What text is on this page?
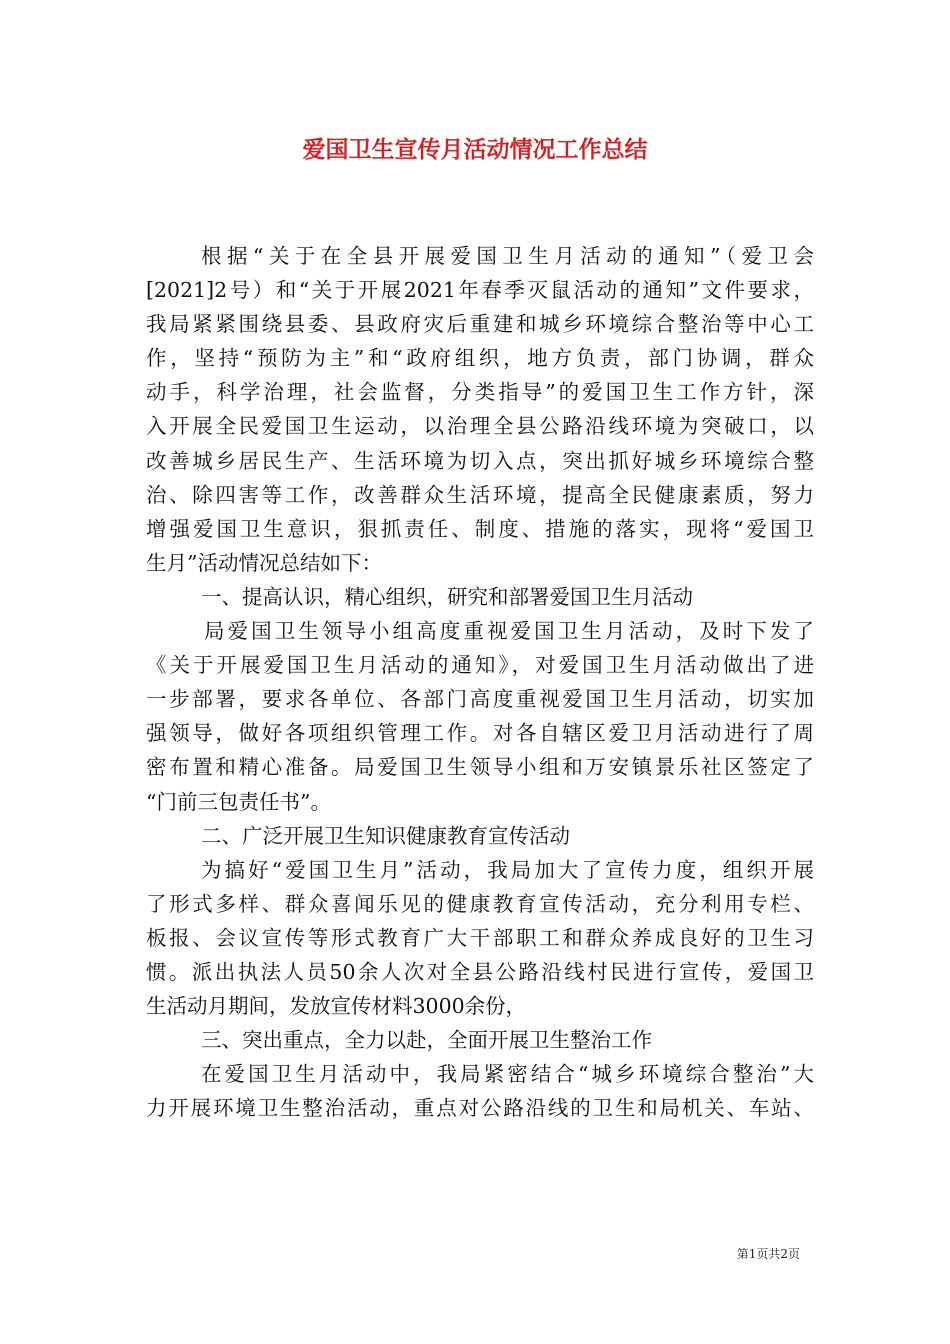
爱国卫生宣传月活动情况工作总结
根据“关于在全县开展爱国卫生月活动的通知”（爱卫会
[2021]2号）和“关于开展2021年春季灭鼠活动的通知”文件要求，
我局紧紧围绕县委、县政府灾后重建和城乡环境综合整治等中心工
作，坚持“预防为主”和“政府组织，地方负责，部门协调，群众
动手，科学治理，社会监督，分类指导”的爱国卫生工作方针，深
入开展全民爱国卫生运动，以治理全县公路沿线环境为突破口，以
改善城乡居民生产、生活环境为切入点，突出抓好城乡环境综合整
治、除四害等工作，改善群众生活环境，提高全民健康素质，努力
增强爱国卫生意识，狠抓责任、制度、措施的落实，现将“爱国卫
生月”活动情况总结如下：
一、提高认识，精心组织，研究和部署爱国卫生月活动
局爱国卫生领导小组高度重视爱国卫生月活动，及时下发了
《关于开展爱国卫生月活动的通知》，对爱国卫生月活动做出了进
一步部署，要求各单位、各部门高度重视爱国卫生月活动，切实加
强领导，做好各项组织管理工作。对各自辖区爱卫月活动进行了周
密布置和精心准备。局爱国卫生领导小组和万安镇景乐社区签定了
“门前三包责任书”。
二、广泛开展卫生知识健康教育宣传活动
为搞好“爱国卫生月”活动，我局加大了宣传力度，组织开展
了形式多样、群众喜闻乐见的健康教育宣传活动，充分利用专栏、
板报、会议宣传等形式教育广大干部职工和群众养成良好的卫生习
惯。派出执法人员50余人次对全县公路沿线村民进行宣传，爱国卫
生活动月期间，发放宣传材料3000余份，
三、突出重点，全力以赴，全面开展卫生整治工作
在爱国卫生月活动中，我局紧密结合“城乡环境综合整治”大
力开展环境卫生整治活动，重点对公路沿线的卫生和局机关、车站、
第1页共2页
